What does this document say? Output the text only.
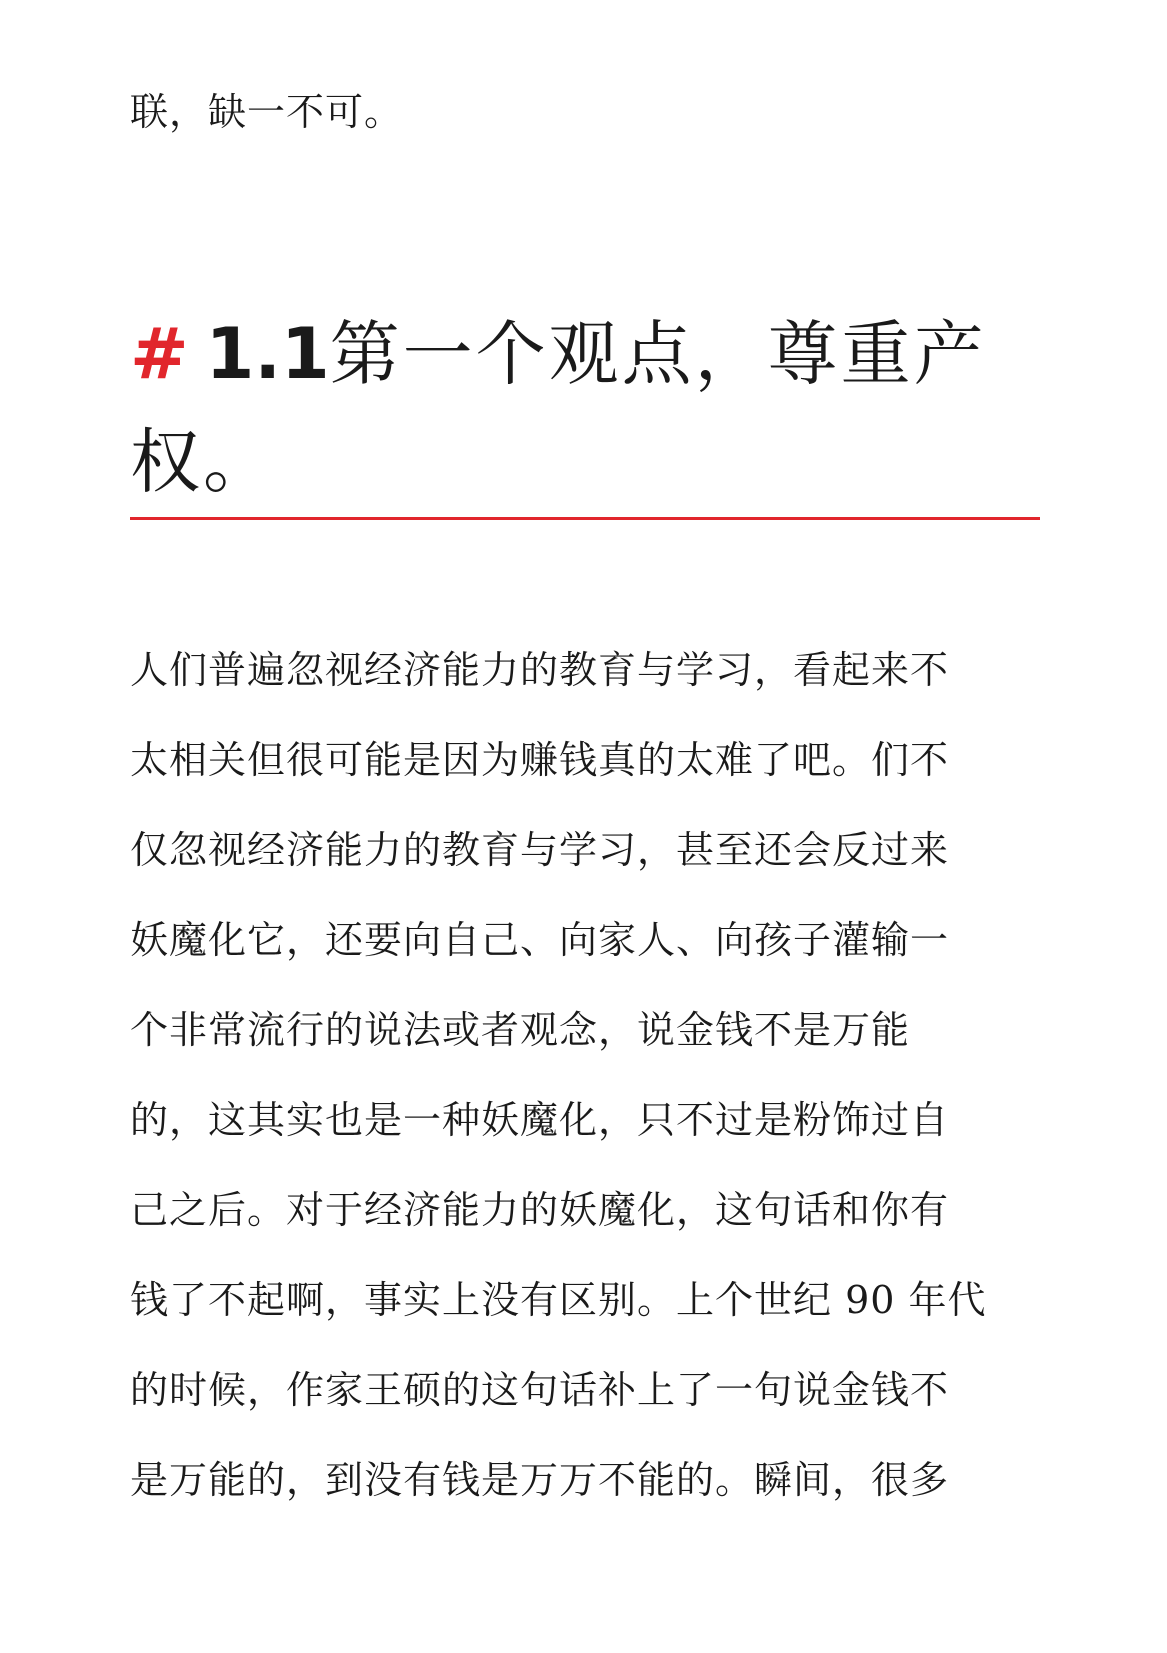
联，缺一不可。

# 1.1第一个观点，尊重产
权。
人们普遍忽视经济能力的教育与学习，看起来不
太相关但很可能是因为赚钱真的太难了吧。们不
仅忽视经济能力的教育与学习，甚至还会反过来
妖魔化它，还要向自己、向家人、向孩子灌输一
个非常流行的说法或者观念，说金钱不是万能
的，这其实也是一种妖魔化，只不过是粉饰过自
己之后。对于经济能力的妖魔化，这句话和你有
钱了不起啊，事实上没有区别。上个世纪 90 年代
的时候，作家王硕的这句话补上了一句说金钱不
是万能的，到没有钱是万万不能的。瞬间，很多
